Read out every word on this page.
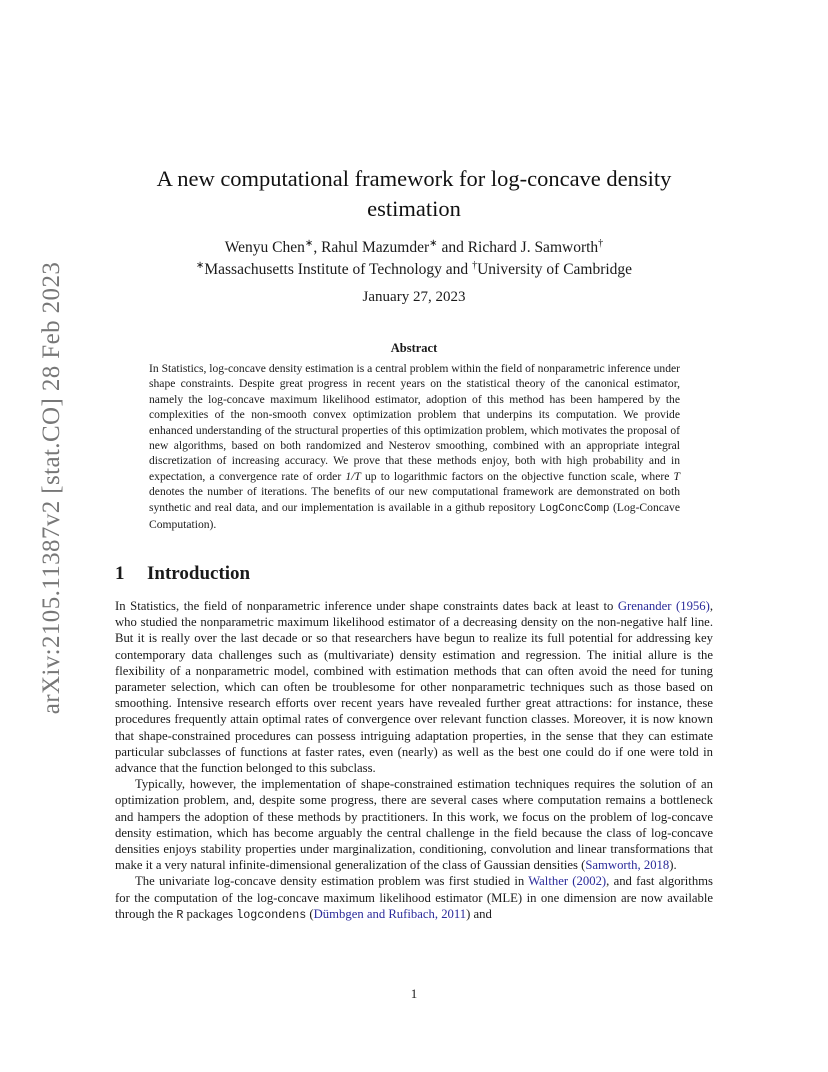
arXiv:2105.11387v2 [stat.CO] 28 Feb 2023
A new computational framework for log-concave density estimation
Wenyu Chen∗, Rahul Mazumder∗ and Richard J. Samworth†
∗Massachusetts Institute of Technology and †University of Cambridge
January 27, 2023
Abstract
In Statistics, log-concave density estimation is a central problem within the field of nonparametric inference under shape constraints. Despite great progress in recent years on the statistical theory of the canonical estimator, namely the log-concave maximum likelihood estimator, adoption of this method has been hampered by the complexities of the non-smooth convex optimization problem that underpins its computation. We provide enhanced understanding of the structural properties of this optimization problem, which motivates the proposal of new algorithms, based on both randomized and Nesterov smoothing, combined with an appropriate integral discretization of increasing accuracy. We prove that these methods enjoy, both with high probability and in expectation, a convergence rate of order 1/T up to logarithmic factors on the objective function scale, where T denotes the number of iterations. The benefits of our new computational framework are demonstrated on both synthetic and real data, and our implementation is available in a github repository LogConcComp (Log-Concave Computation).
1 Introduction

In Statistics, the field of nonparametric inference under shape constraints dates back at least to Grenander (1956), who studied the nonparametric maximum likelihood estimator of a decreasing density on the non-negative half line. But it is really over the last decade or so that researchers have begun to realize its full potential for addressing key contemporary data challenges such as (multivariate) density estimation and regression. The initial allure is the flexibility of a nonparametric model, combined with estimation methods that can often avoid the need for tuning parameter selection, which can often be troublesome for other nonparametric techniques such as those based on smoothing. Intensive research efforts over recent years have revealed further great attractions: for instance, these procedures frequently attain optimal rates of convergence over relevant function classes. Moreover, it is now known that shape-constrained procedures can possess intriguing adaptation properties, in the sense that they can estimate particular subclasses of functions at faster rates, even (nearly) as well as the best one could do if one were told in advance that the function belonged to this subclass.

Typically, however, the implementation of shape-constrained estimation techniques requires the solution of an optimization problem, and, despite some progress, there are several cases where computation remains a bottleneck and hampers the adoption of these methods by practitioners. In this work, we focus on the problem of log-concave density estimation, which has become arguably the central challenge in the field because the class of log-concave densities enjoys stability properties under marginalization, conditioning, convolution and linear transformations that make it a very natural infinite-dimensional generalization of the class of Gaussian densities (Samworth, 2018).

The univariate log-concave density estimation problem was first studied in Walther (2002), and fast algorithms for the computation of the log-concave maximum likelihood estimator (MLE) in one dimension are now available through the R packages logcondens (Dümbgen and Rufibach, 2011) and

1
